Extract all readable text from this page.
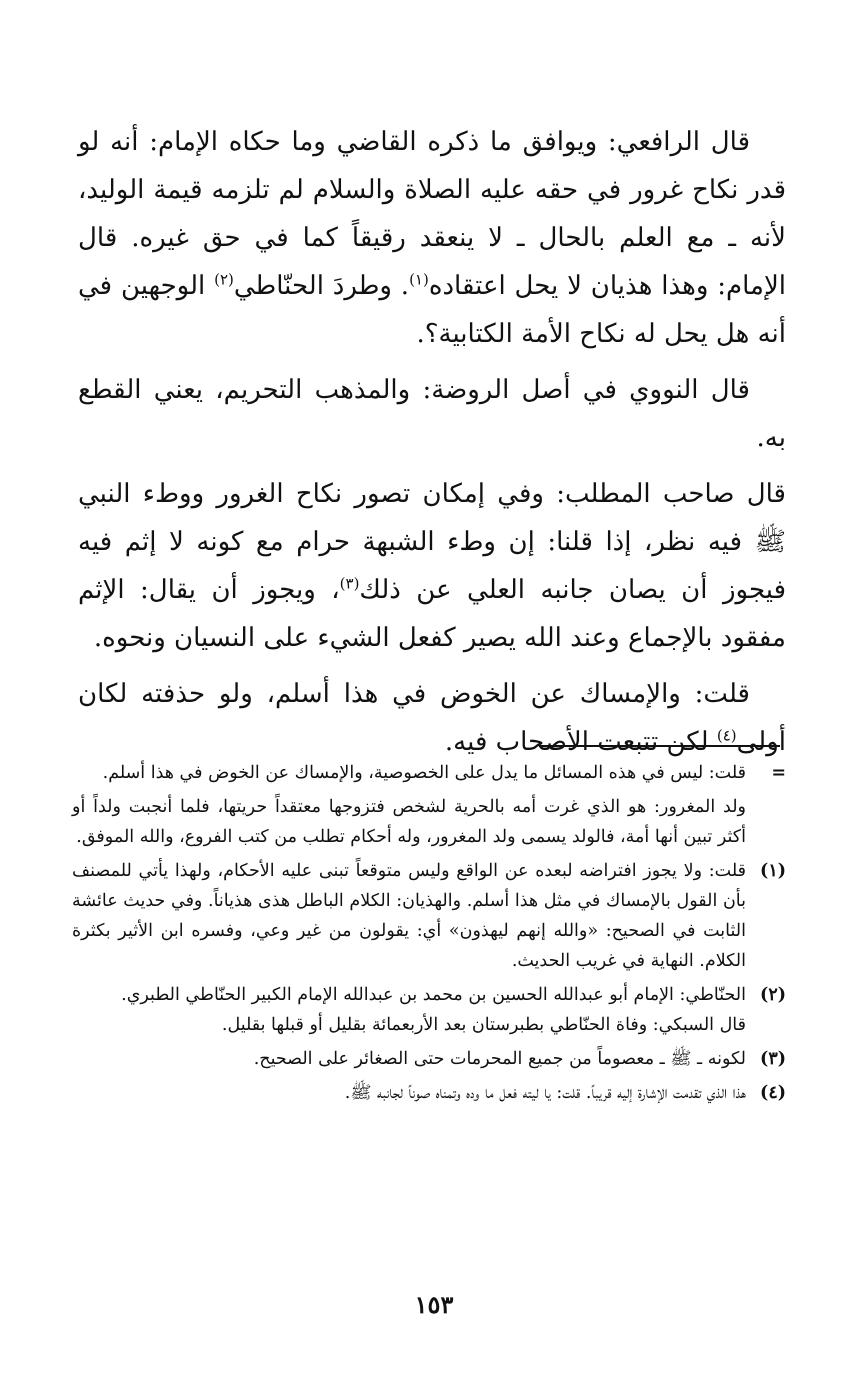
قال الرافعي: ويوافق ما ذكره القاضي وما حكاه الإمام: أنه لو قدر نكاح غرور في حقه عليه الصلاة والسلام لم تلزمه قيمة الوليد، لأنه ـ مع العلم بالحال ـ لا ينعقد رقيقاً كما في حق غيره. قال الإمام: وهذا هذيان لا يحل اعتقاده$^{(١)}$. وطردَ الحنّاطي$^{(٢)}$ الوجهين في أنه هل يحل له نكاح الأمة الكتابية؟.

قال النووي في أصل الروضة: والمذهب التحريم، يعني القطع به.

قال صاحب المطلب: وفي إمكان تصور نكاح الغرور ووطء النبي ﷺ فيه نظر، إذا قلنا: إن وطء الشبهة حرام مع كونه لا إثم فيه فيجوز أن يصان جانبه العلي عن ذلك$^{(٣)}$، ويجوز أن يقال: الإثم مفقود بالإجماع وعند الله يصير كفعل الشيء على النسيان ونحوه.

قلت: والإمساك عن الخوض في هذا أسلم، ولو حذفته لكان أولى$^{(٤)}$ لكن تتبعت الأصحاب فيه.

=
قلت: ليس في هذه المسائل ما يدل على الخصوصية، والإمساك عن الخوض في هذا أسلم.
ولد المغرور: هو الذي غرت أمه بالحرية لشخص فتزوجها معتقداً حريتها، فلما أنجبت ولداً أو أكثر تبين أنها أمة، فالولد يسمى ولد المغرور، وله أحكام تطلب من كتب الفروع، والله الموفق.
(١)
قلت: ولا يجوز افتراضه لبعده عن الواقع وليس متوقعاً تبنى عليه الأحكام، ولهذا يأتي للمصنف بأن القول بالإمساك في مثل هذا أسلم. والهذيان: الكلام الباطل هذى هذياناً. وفي حديث عائشة الثابت في الصحيح: «والله إنهم ليهذون» أي: يقولون من غير وعي، وفسره ابن الأثير بكثرة الكلام. النهاية في غريب الحديث.
(٢)
الحنّاطي: الإمام أبو عبدالله الحسين بن محمد بن عبدالله الإمام الكبير الحنّاطي الطبري.
قال السبكي: وفاة الحنّاطي بطبرستان بعد الأربعمائة بقليل أو قبلها بقليل.
(٣)
لكونه ـ ﷺ ـ معصوماً من جميع المحرمات حتى الصغائر على الصحيح.
(٤)
هذا الذي تقدمت الإشارة إليه قريباً. قلت: يا ليته فعل ما وده وتمناه صوناً لجانبه ﷺ.
١٥٣
